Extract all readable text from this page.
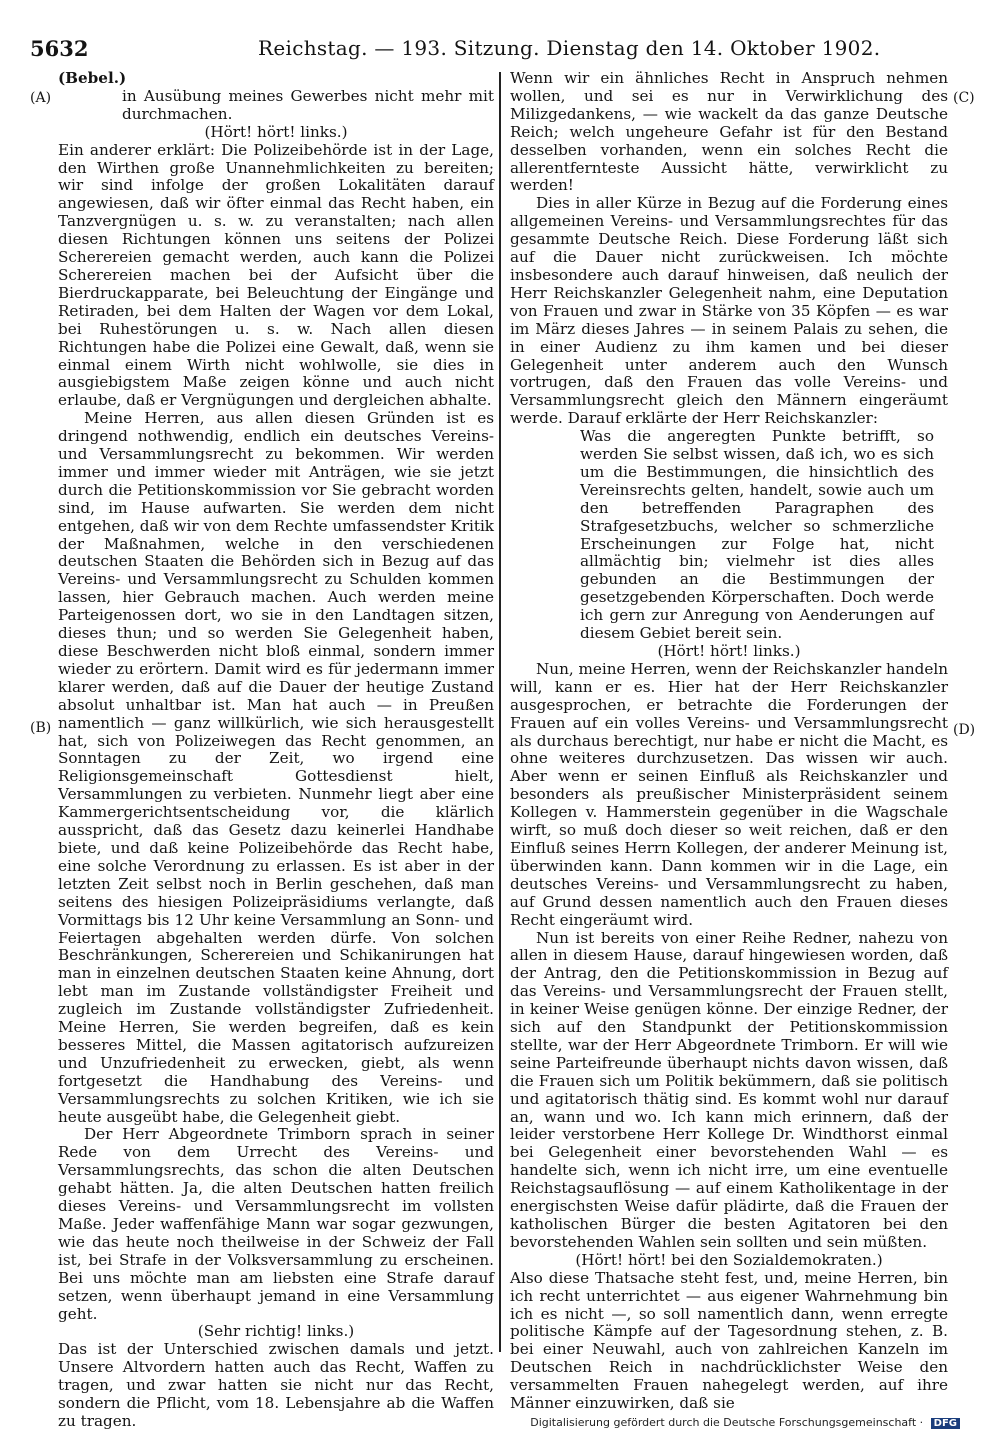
5632	Reichstag. — 193. Sitzung. Dienstag den 14. Oktober 1902.
(A)
(B)
(C)
(D)

(Bebel.)

in Ausübung meines Gewerbes nicht mehr mit durchmachen.

(Hört! hört! links.)

Ein anderer erklärt: Die Polizeibehörde ist in der Lage, den Wirthen große Unannehmlichkeiten zu bereiten; wir sind infolge der großen Lokalitäten darauf angewiesen, daß wir öfter einmal das Recht haben, ein Tanzvergnügen u. s. w. zu veranstalten; nach allen diesen Richtungen können uns seitens der Polizei Scherereien gemacht werden, auch kann die Polizei Scherereien machen bei der Aufsicht über die Bierdruckapparate, bei Beleuchtung der Eingänge und Retiraden, bei dem Halten der Wagen vor dem Lokal, bei Ruhestörungen u. s. w. Nach allen diesen Richtungen habe die Polizei eine Gewalt, daß, wenn sie einmal einem Wirth nicht wohlwolle, sie dies in ausgiebigstem Maße zeigen könne und auch nicht erlaube, daß er Vergnügungen und dergleichen abhalte.

Meine Herren, aus allen diesen Gründen ist es dringend nothwendig, endlich ein deutsches Vereins- und Versammlungsrecht zu bekommen. Wir werden immer und immer wieder mit Anträgen, wie sie jetzt durch die Petitionskommission vor Sie gebracht worden sind, im Hause aufwarten. Sie werden dem nicht entgehen, daß wir von dem Rechte umfassendster Kritik der Maßnahmen, welche in den verschiedenen deutschen Staaten die Behörden sich in Bezug auf das Vereins- und Versammlungsrecht zu Schulden kommen lassen, hier Gebrauch machen. Auch werden meine Parteigenossen dort, wo sie in den Landtagen sitzen, dieses thun; und so werden Sie Gelegenheit haben, diese Beschwerden nicht bloß einmal, sondern immer wieder zu erörtern. Damit wird es für jedermann immer klarer werden, daß auf die Dauer der heutige Zustand absolut unhaltbar ist. Man hat auch — in Preußen namentlich — ganz willkürlich, wie sich herausgestellt hat, sich von Polizeiwegen das Recht genommen, an Sonntagen zu der Zeit, wo irgend eine Religionsgemeinschaft Gottesdienst hielt, Versammlungen zu verbieten. Nunmehr liegt aber eine Kammergerichtsentscheidung vor, die klärlich ausspricht, daß das Gesetz dazu keinerlei Handhabe biete, und daß keine Polizeibehörde das Recht habe, eine solche Verordnung zu erlassen. Es ist aber in der letzten Zeit selbst noch in Berlin geschehen, daß man seitens des hiesigen Polizeipräsidiums verlangte, daß Vormittags bis 12 Uhr keine Versammlung an Sonn- und Feiertagen abgehalten werden dürfe. Von solchen Beschränkungen, Scherereien und Schikanirungen hat man in einzelnen deutschen Staaten keine Ahnung, dort lebt man im Zustande vollständigster Freiheit und zugleich im Zustande vollständigster Zufriedenheit. Meine Herren, Sie werden begreifen, daß es kein besseres Mittel, die Massen agitatorisch aufzureizen und Unzufriedenheit zu erwecken, giebt, als wenn fortgesetzt die Handhabung des Vereins- und Versammlungsrechts zu solchen Kritiken, wie ich sie heute ausgeübt habe, die Gelegenheit giebt.

Der Herr Abgeordnete Trimborn sprach in seiner Rede von dem Urrecht des Vereins- und Versammlungsrechts, das schon die alten Deutschen gehabt hätten. Ja, die alten Deutschen hatten freilich dieses Vereins- und Versammlungsrecht im vollsten Maße. Jeder waffenfähige Mann war sogar gezwungen, wie das heute noch theilweise in der Schweiz der Fall ist, bei Strafe in der Volksversammlung zu erscheinen. Bei uns möchte man am liebsten eine Strafe darauf setzen, wenn überhaupt jemand in eine Versammlung geht.

(Sehr richtig! links.)

Das ist der Unterschied zwischen damals und jetzt. Unsere Altvordern hatten auch das Recht, Waffen zu tragen, und zwar hatten sie nicht nur das Recht, sondern die Pflicht, vom 18. Lebensjahre ab die Waffen zu tragen.

Wenn wir ein ähnliches Recht in Anspruch nehmen wollen, und sei es nur in Verwirklichung des Milizgedankens, — wie wackelt da das ganze Deutsche Reich; welch ungeheure Gefahr ist für den Bestand desselben vorhanden, wenn ein solches Recht die allerentfernteste Aussicht hätte, verwirklicht zu werden!

Dies in aller Kürze in Bezug auf die Forderung eines allgemeinen Vereins- und Versammlungsrechtes für das gesammte Deutsche Reich. Diese Forderung läßt sich auf die Dauer nicht zurückweisen. Ich möchte insbesondere auch darauf hinweisen, daß neulich der Herr Reichskanzler Gelegenheit nahm, eine Deputation von Frauen und zwar in Stärke von 35 Köpfen — es war im März dieses Jahres — in seinem Palais zu sehen, die in einer Audienz zu ihm kamen und bei dieser Gelegenheit unter anderem auch den Wunsch vortrugen, daß den Frauen das volle Vereins- und Versammlungsrecht gleich den Männern eingeräumt werde. Darauf erklärte der Herr Reichskanzler:

Was die angeregten Punkte betrifft, so werden Sie selbst wissen, daß ich, wo es sich um die Bestimmungen, die hinsichtlich des Vereinsrechts gelten, handelt, sowie auch um den betreffenden Paragraphen des Strafgesetzbuchs, welcher so schmerzliche Erscheinungen zur Folge hat, nicht allmächtig bin; vielmehr ist dies alles gebunden an die Bestimmungen der gesetzgebenden Körperschaften. Doch werde ich gern zur Anregung von Aenderungen auf diesem Gebiet bereit sein.

(Hört! hört! links.)

Nun, meine Herren, wenn der Reichskanzler handeln will, kann er es. Hier hat der Herr Reichskanzler ausgesprochen, er betrachte die Forderungen der Frauen auf ein volles Vereins- und Versammlungsrecht als durchaus berechtigt, nur habe er nicht die Macht, es ohne weiteres durchzusetzen. Das wissen wir auch. Aber wenn er seinen Einfluß als Reichskanzler und besonders als preußischer Ministerpräsident seinem Kollegen v. Hammerstein gegenüber in die Wagschale wirft, so muß doch dieser so weit reichen, daß er den Einfluß seines Herrn Kollegen, der anderer Meinung ist, überwinden kann. Dann kommen wir in die Lage, ein deutsches Vereins- und Versammlungsrecht zu haben, auf Grund dessen namentlich auch den Frauen dieses Recht eingeräumt wird.

Nun ist bereits von einer Reihe Redner, nahezu von allen in diesem Hause, darauf hingewiesen worden, daß der Antrag, den die Petitionskommission in Bezug auf das Vereins- und Versammlungsrecht der Frauen stellt, in keiner Weise genügen könne. Der einzige Redner, der sich auf den Standpunkt der Petitionskommission stellte, war der Herr Abgeordnete Trimborn. Er will wie seine Parteifreunde überhaupt nichts davon wissen, daß die Frauen sich um Politik bekümmern, daß sie politisch und agitatorisch thätig sind. Es kommt wohl nur darauf an, wann und wo. Ich kann mich erinnern, daß der leider verstorbene Herr Kollege Dr. Windthorst einmal bei Gelegenheit einer bevorstehenden Wahl — es handelte sich, wenn ich nicht irre, um eine eventuelle Reichstagsauflösung — auf einem Katholikentage in der energischsten Weise dafür plädirte, daß die Frauen der katholischen Bürger die besten Agitatoren bei den bevorstehenden Wahlen sein sollten und sein müßten.

(Hört! hört! bei den Sozialdemokraten.)

Also diese Thatsache steht fest, und, meine Herren, bin ich recht unterrichtet — aus eigener Wahrnehmung bin ich es nicht —, so soll namentlich dann, wenn erregte politische Kämpfe auf der Tagesordnung stehen, z. B. bei einer Neuwahl, auch von zahlreichen Kanzeln im Deutschen Reich in nachdrücklichster Weise den versammelten Frauen nahegelegt werden, auf ihre Männer einzuwirken, daß sie

Digitalisierung gefördert durch die Deutsche Forschungsgemeinschaft · DFG
